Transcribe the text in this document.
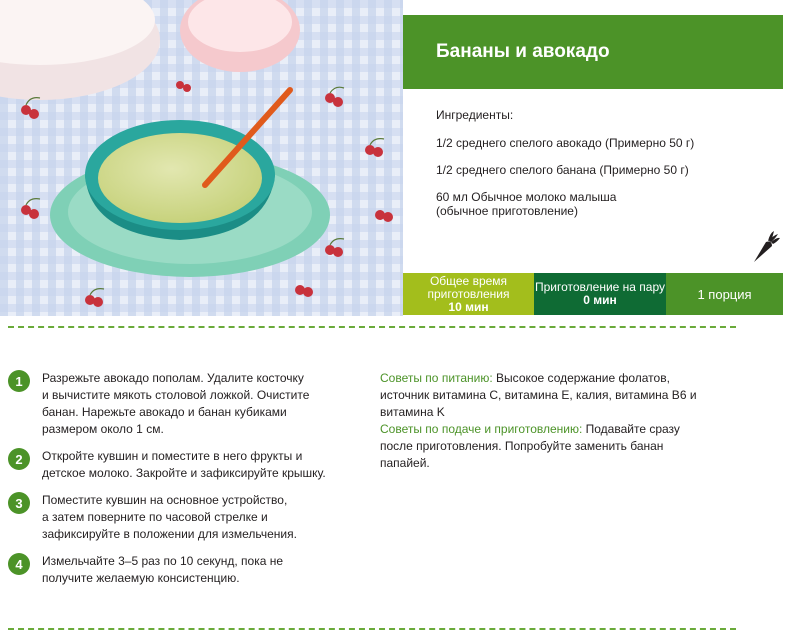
Бананы и авокадо

Ингредиенты:

1/2 среднего спелого авокадо (Примерно 50 г)

1/2 среднего спелого банана (Примерно 50 г)

60 мл Обычное молоко малыша
(обычное приготовление)

Общее время приготовления
10 мин
Приготовление на пару
0 мин	1 порция
1	Разрежьте авокадо пополам. Удалите косточку
и вычистите мякоть столовой ложкой. Очистите
банан. Нарежьте авокадо и банан кубиками
размером около 1 см.
2	Откройте кувшин и поместите в него фрукты и
детское молоко. Закройте и зафиксируйте крышку.
3	Поместите кувшин на основное устройство,
а затем поверните по часовой стрелке и
зафиксируйте в положении для измельчения.
4	Измельчайте 3–5 раз по 10 секунд, пока не
получите желаемую консистенцию.

Советы по питанию: Высокое содержание фолатов,
источник витамина C, витамина E, калия, витамина B6 и
витамина K

Советы по подаче и приготовлению: Подавайте сразу
после приготовления. Попробуйте заменить банан
папайей.
